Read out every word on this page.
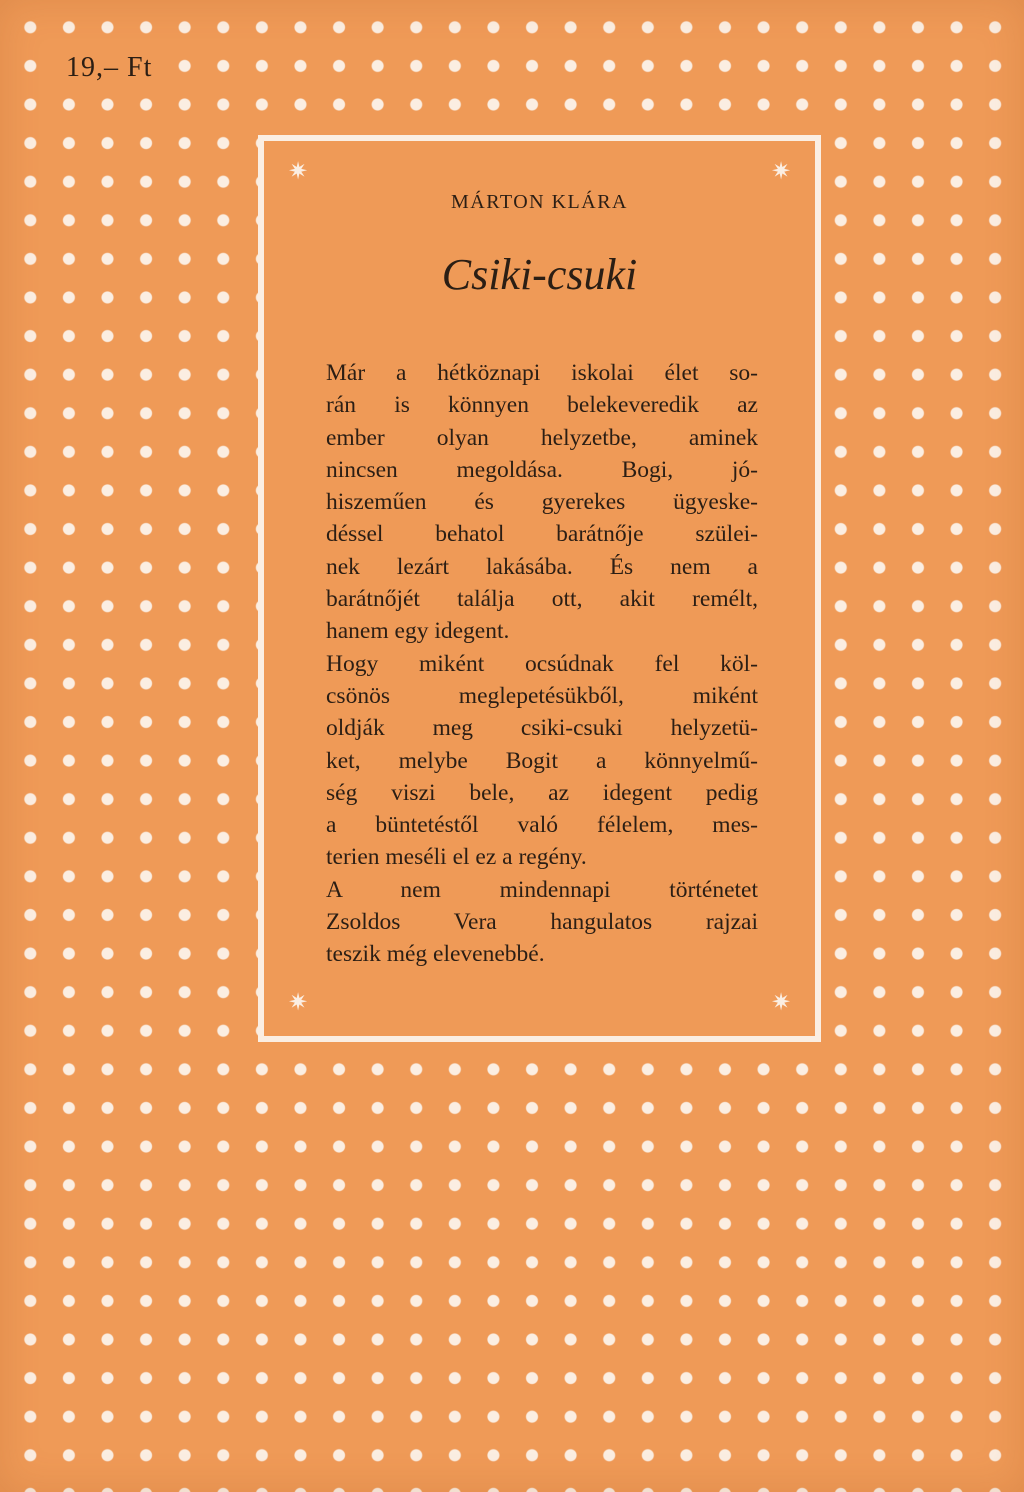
19,– Ft
✷	✷
✷	✷
MÁRTON KLÁRA
Csiki-csuki
Már a hétköznapi iskolai élet so-
rán is könnyen belekeveredik az
ember olyan helyzetbe, aminek
nincsen megoldása. Bogi, jó-
hiszeműen és gyerekes ügyeske-
déssel behatol barátnője szülei-
nek lezárt lakásába. És nem a
barátnőjét találja ott, akit remélt,
hanem egy idegent.
Hogy miként ocsúdnak fel köl-
csönös meglepetésükből, miként
oldják meg csiki-csuki helyzetü-
ket, melybe Bogit a könnyelmű-
ség viszi bele, az idegent pedig
a büntetéstől való félelem, mes-
terien meséli el ez a regény.
A nem mindennapi történetet
Zsoldos Vera hangulatos rajzai
teszik még elevenebbé.
